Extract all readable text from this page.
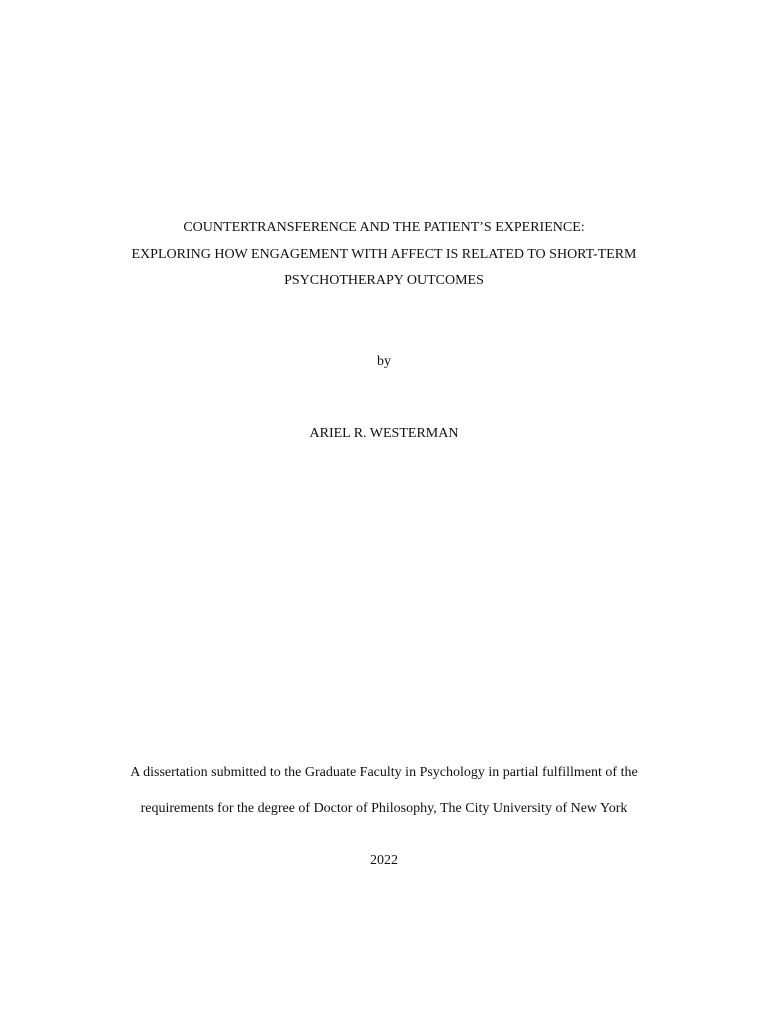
COUNTERTRANSFERENCE AND THE PATIENT’S EXPERIENCE:
EXPLORING HOW ENGAGEMENT WITH AFFECT IS RELATED TO SHORT-TERM
PSYCHOTHERAPY OUTCOMES
by
ARIEL R. WESTERMAN
A dissertation submitted to the Graduate Faculty in Psychology in partial fulfillment of the
requirements for the degree of Doctor of Philosophy, The City University of New York
2022
